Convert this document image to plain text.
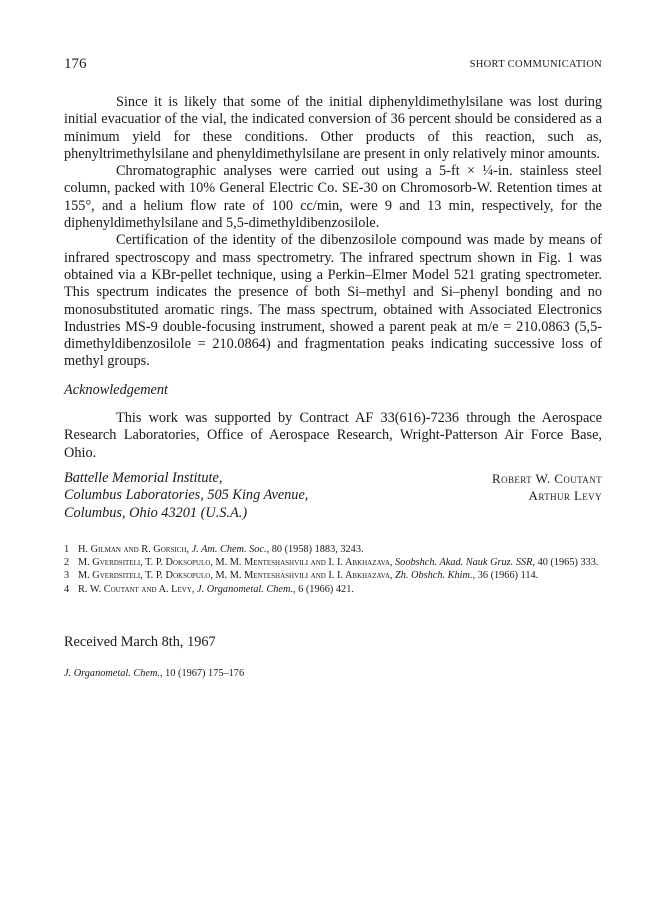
176	SHORT COMMUNICATION

Since it is likely that some of the initial diphenyldimethylsilane was lost during initial evacuatior of the vial, the indicated conversion of 36 percent should be considered as a minimum yield for these conditions. Other products of this reaction, such as, phenyltrimethylsilane and phenyldimethylsilane are present in only relatively minor amounts.

Chromatographic analyses were carried out using a 5-ft × ¼-in. stainless steel column, packed with 10% General Electric Co. SE-30 on Chromosorb-W. Retention times at 155°, and a helium flow rate of 100 cc/min, were 9 and 13 min, respectively, for the diphenyldimethylsilane and 5,5-dimethyldibenzosilole.

Certification of the identity of the dibenzosilole compound was made by means of infrared spectroscopy and mass spectrometry. The infrared spectrum shown in Fig. 1 was obtained via a KBr-pellet technique, using a Perkin–Elmer Model 521 grating spectrometer. This spectrum indicates the presence of both Si–methyl and Si–phenyl bonding and no monosubstituted aromatic rings. The mass spectrum, obtained with Associated Electronics Industries MS-9 double-focusing instrument, showed a parent peak at m/e = 210.0863 (5,5-dimethyldibenzosilole = 210.0864) and fragmentation peaks indicating successive loss of methyl groups.

Acknowledgement

This work was supported by Contract AF 33(616)-7236 through the Aerospace Research Laboratories, Office of Aerospace Research, Wright-Patterson Air Force Base, Ohio.

Battelle Memorial Institute,
Columbus Laboratories, 505 King Avenue,
Columbus, Ohio 43201 (U.S.A.)
Robert W. Coutant
Arthur Levy
1 H. Gilman and R. Gorsich, J. Am. Chem. Soc., 80 (1958) 1883, 3243.
2 M. Gverdsiteli, T. P. Doksopulo, M. M. Menteshashvili and I. I. Abkhazava, Soobshch. Akad. Nauk Gruz. SSR, 40 (1965) 333.
3 M. Gverdsiteli, T. P. Doksopulo, M. M. Menteshashvili and I. I. Abkhazava, Zh. Obshch. Khim., 36 (1966) 114.
4 R. W. Coutant and A. Levy, J. Organometal. Chem., 6 (1966) 421.
Received March 8th, 1967
J. Organometal. Chem., 10 (1967) 175–176
